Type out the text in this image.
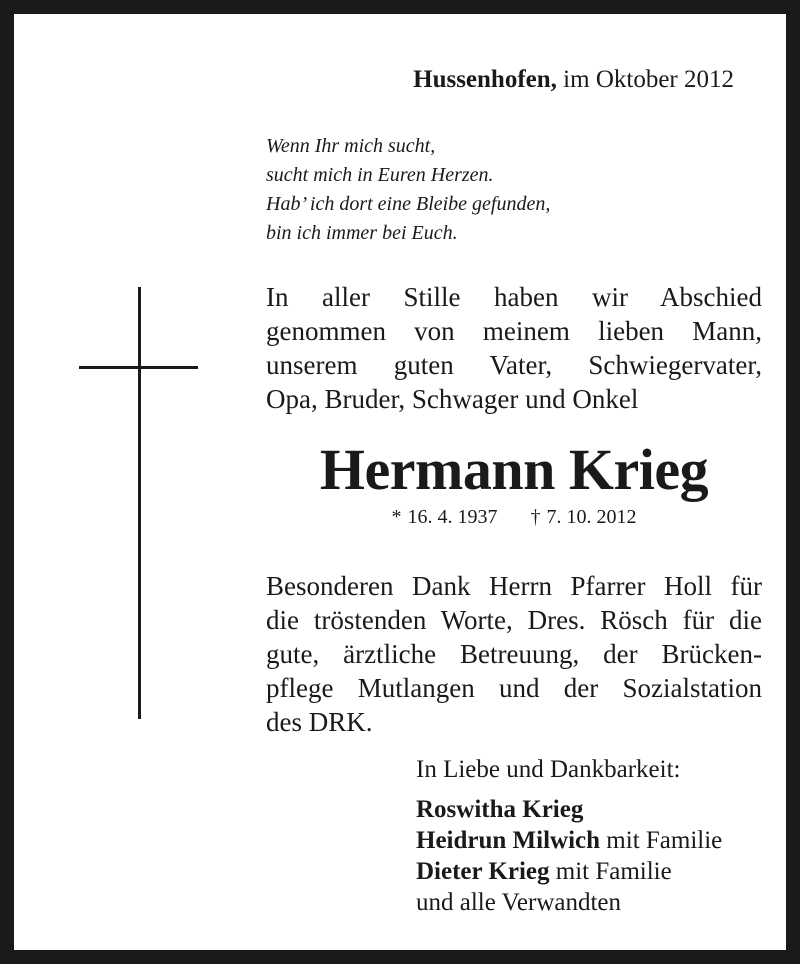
Hussenhofen, im Oktober 2012
Wenn Ihr mich sucht,
sucht mich in Euren Herzen.
Hab’ ich dort eine Bleibe gefunden,
bin ich immer bei Euch.
In aller Stille haben wir Abschied
genommen von meinem lieben Mann,
unserem guten Vater, Schwiegervater,
Opa, Bruder, Schwager und Onkel
Hermann Krieg
* 16. 4. 1937 † 7. 10. 2012
Besonderen Dank Herrn Pfarrer Holl für
die tröstenden Worte, Dres. Rösch für die
gute, ärztliche Betreuung, der Brücken-
pflege Mutlangen und der Sozialstation
des DRK.
In Liebe und Dankbarkeit:
Roswitha Krieg
Heidrun Milwich mit Familie
Dieter Krieg mit Familie
und alle Verwandten
